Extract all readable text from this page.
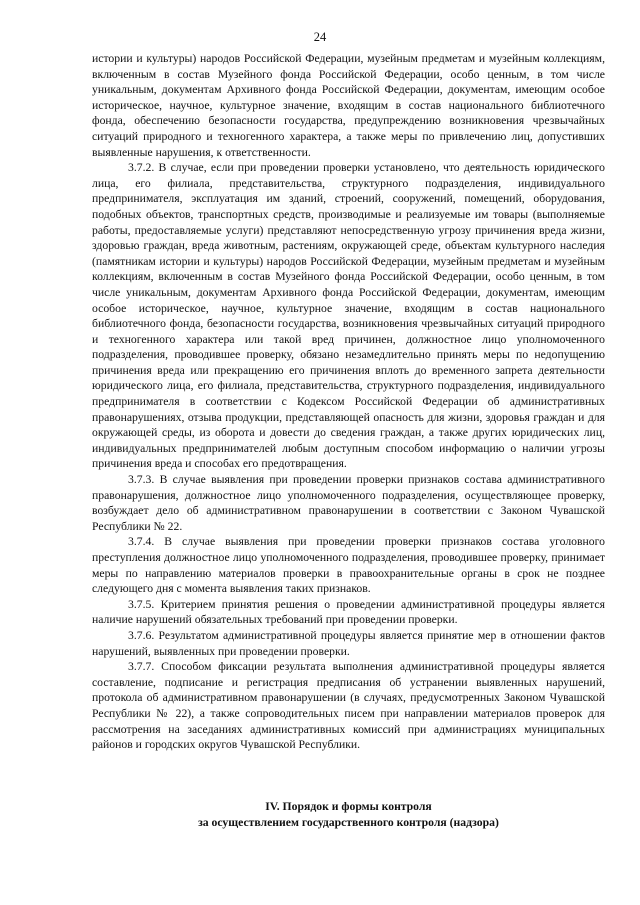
24

истории и культуры) народов Российской Федерации, музейным предметам и музейным коллекциям, включенным в состав Музейного фонда Российской Федерации, особо ценным, в том числе уникальным, документам Архивного фонда Российской Федерации, документам, имеющим особое историческое, научное, культурное значение, входящим в состав национального библиотечного фонда, обеспечению безопасности государства, предупреждению возникновения чрезвычайных ситуаций природного и техногенного характера, а также меры по привлечению лиц, допустивших выявленные нарушения, к ответственности.

3.7.2. В случае, если при проведении проверки установлено, что деятельность юридического лица, его филиала, представительства, структурного подразделения, индивидуального предпринимателя, эксплуатация им зданий, строений, сооружений, помещений, оборудования, подобных объектов, транспортных средств, производимые и реализуемые им товары (выполняемые работы, предоставляемые услуги) представляют непосредственную угрозу причинения вреда жизни, здоровью граждан, вреда животным, растениям, окружающей среде, объектам культурного наследия (памятникам истории и культуры) народов Российской Федерации, музейным предметам и музейным коллекциям, включенным в состав Музейного фонда Российской Федерации, особо ценным, в том числе уникальным, документам Архивного фонда Российской Федерации, документам, имеющим особое историческое, научное, культурное значение, входящим в состав национального библиотечного фонда, безопасности государства, возникновения чрезвычайных ситуаций природного и техногенного характера или такой вред причинен, должностное лицо уполномоченного подразделения, проводившее проверку, обязано незамедлительно принять меры по недопущению причинения вреда или прекращению его причинения вплоть до временного запрета деятельности юридического лица, его филиала, представительства, структурного подразделения, индивидуального предпринимателя в соответствии с Кодексом Российской Федерации об административных правонарушениях, отзыва продукции, представляющей опасность для жизни, здоровья граждан и для окружающей среды, из оборота и довести до сведения граждан, а также других юридических лиц, индивидуальных предпринимателей любым доступным способом информацию о наличии угрозы причинения вреда и способах его предотвращения.

3.7.3. В случае выявления при проведении проверки признаков состава административного правонарушения, должностное лицо уполномоченного подразделения, осуществляющее проверку, возбуждает дело об административном правонарушении в соответствии с Законом Чувашской Республики № 22.

3.7.4. В случае выявления при проведении проверки признаков состава уголовного преступления должностное лицо уполномоченного подразделения, проводившее проверку, принимает меры по направлению материалов проверки в правоохранительные органы в срок не позднее следующего дня с момента выявления таких признаков.

3.7.5. Критерием принятия решения о проведении административной процедуры является наличие нарушений обязательных требований при проведении проверки.

3.7.6. Результатом административной процедуры является принятие мер в отношении фактов нарушений, выявленных при проведении проверки.

3.7.7. Способом фиксации результата выполнения административной процедуры является составление, подписание и регистрация предписания об устранении выявленных нарушений, протокола об административном правонарушении (в случаях, предусмотренных Законом Чувашской Республики № 22), а также сопроводительных писем при направлении материалов проверок для рассмотрения на заседаниях административных комиссий при администрациях муниципальных районов и городских округов Чувашской Республики.

IV. Порядок и формы контроля
за осуществлением государственного контроля (надзора)
